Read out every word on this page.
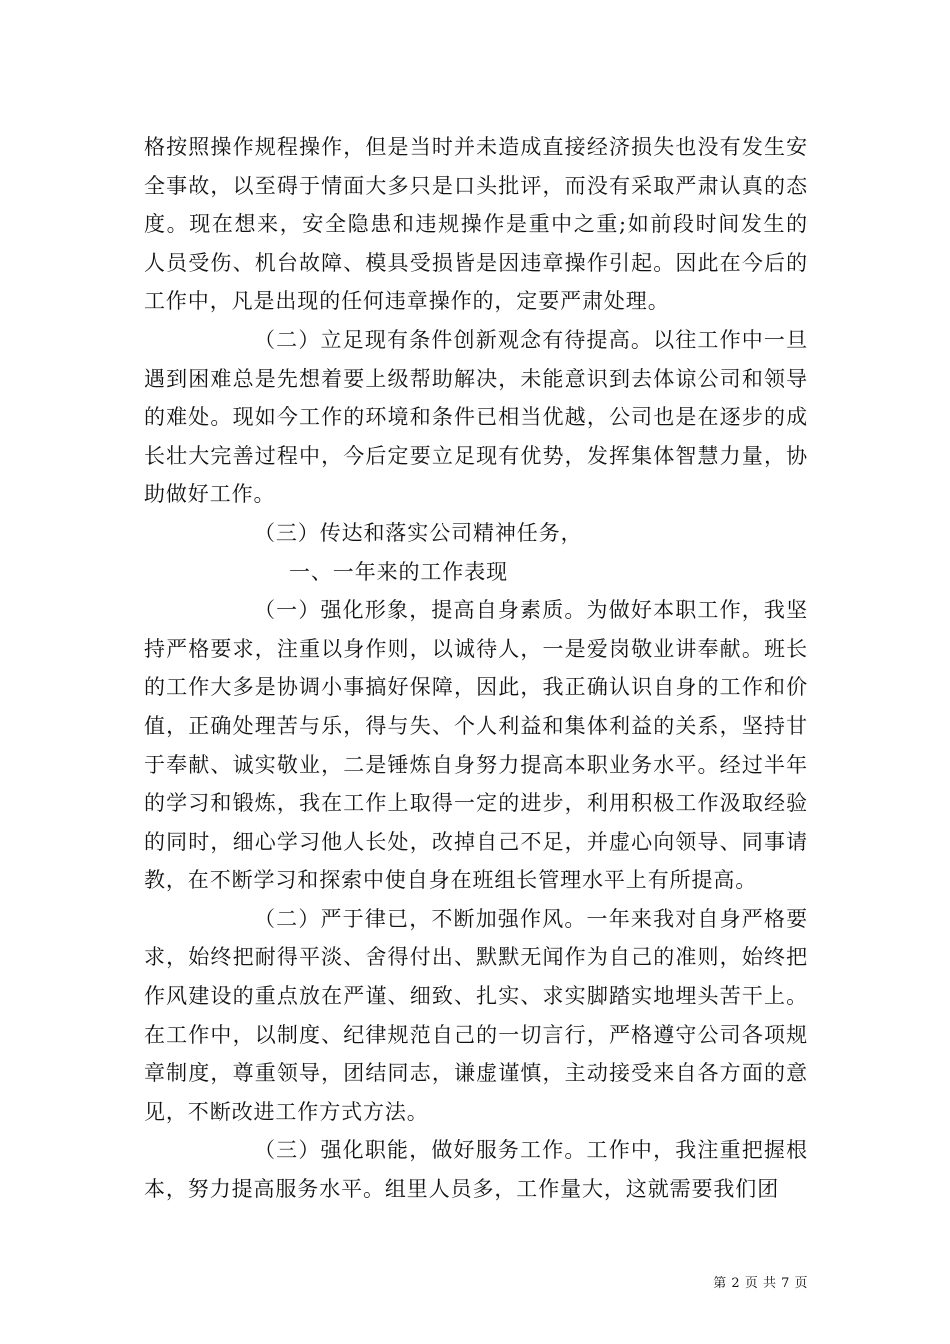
格按照操作规程操作，但是当时并未造成直接经济损失也没有发生安全事故，以至碍于情面大多只是口头批评，而没有采取严肃认真的态度。现在想来，安全隐患和违规操作是重中之重;如前段时间发生的人员受伤、机台故障、模具受损皆是因违章操作引起。因此在今后的工作中，凡是出现的任何违章操作的，定要严肃处理。

（二）立足现有条件创新观念有待提高。以往工作中一旦遇到困难总是先想着要上级帮助解决，未能意识到去体谅公司和领导的难处。现如今工作的环境和条件已相当优越，公司也是在逐步的成长壮大完善过程中，今后定要立足现有优势，发挥集体智慧力量，协助做好工作。

（三）传达和落实公司精神任务，

一、一年来的工作表现

（一）强化形象，提高自身素质。为做好本职工作，我坚持严格要求，注重以身作则，以诚待人，一是爱岗敬业讲奉献。班长的工作大多是协调小事搞好保障，因此，我正确认识自身的工作和价值，正确处理苦与乐，得与失、个人利益和集体利益的关系，坚持甘于奉献、诚实敬业，二是锤炼自身努力提高本职业务水平。经过半年的学习和锻炼，我在工作上取得一定的进步，利用积极工作汲取经验的同时，细心学习他人长处，改掉自己不足，并虚心向领导、同事请教，在不断学习和探索中使自身在班组长管理水平上有所提高。

（二）严于律已，不断加强作风。一年来我对自身严格要求，始终把耐得平淡、舍得付出、默默无闻作为自己的准则，始终把作风建设的重点放在严谨、细致、扎实、求实脚踏实地埋头苦干上。在工作中，以制度、纪律规范自己的一切言行，严格遵守公司各项规章制度，尊重领导，团结同志，谦虚谨慎，主动接受来自各方面的意见，不断改进工作方式方法。

（三）强化职能，做好服务工作。工作中，我注重把握根本，努力提高服务水平。组里人员多，工作量大，这就需要我们团

第 2 页 共 7 页
